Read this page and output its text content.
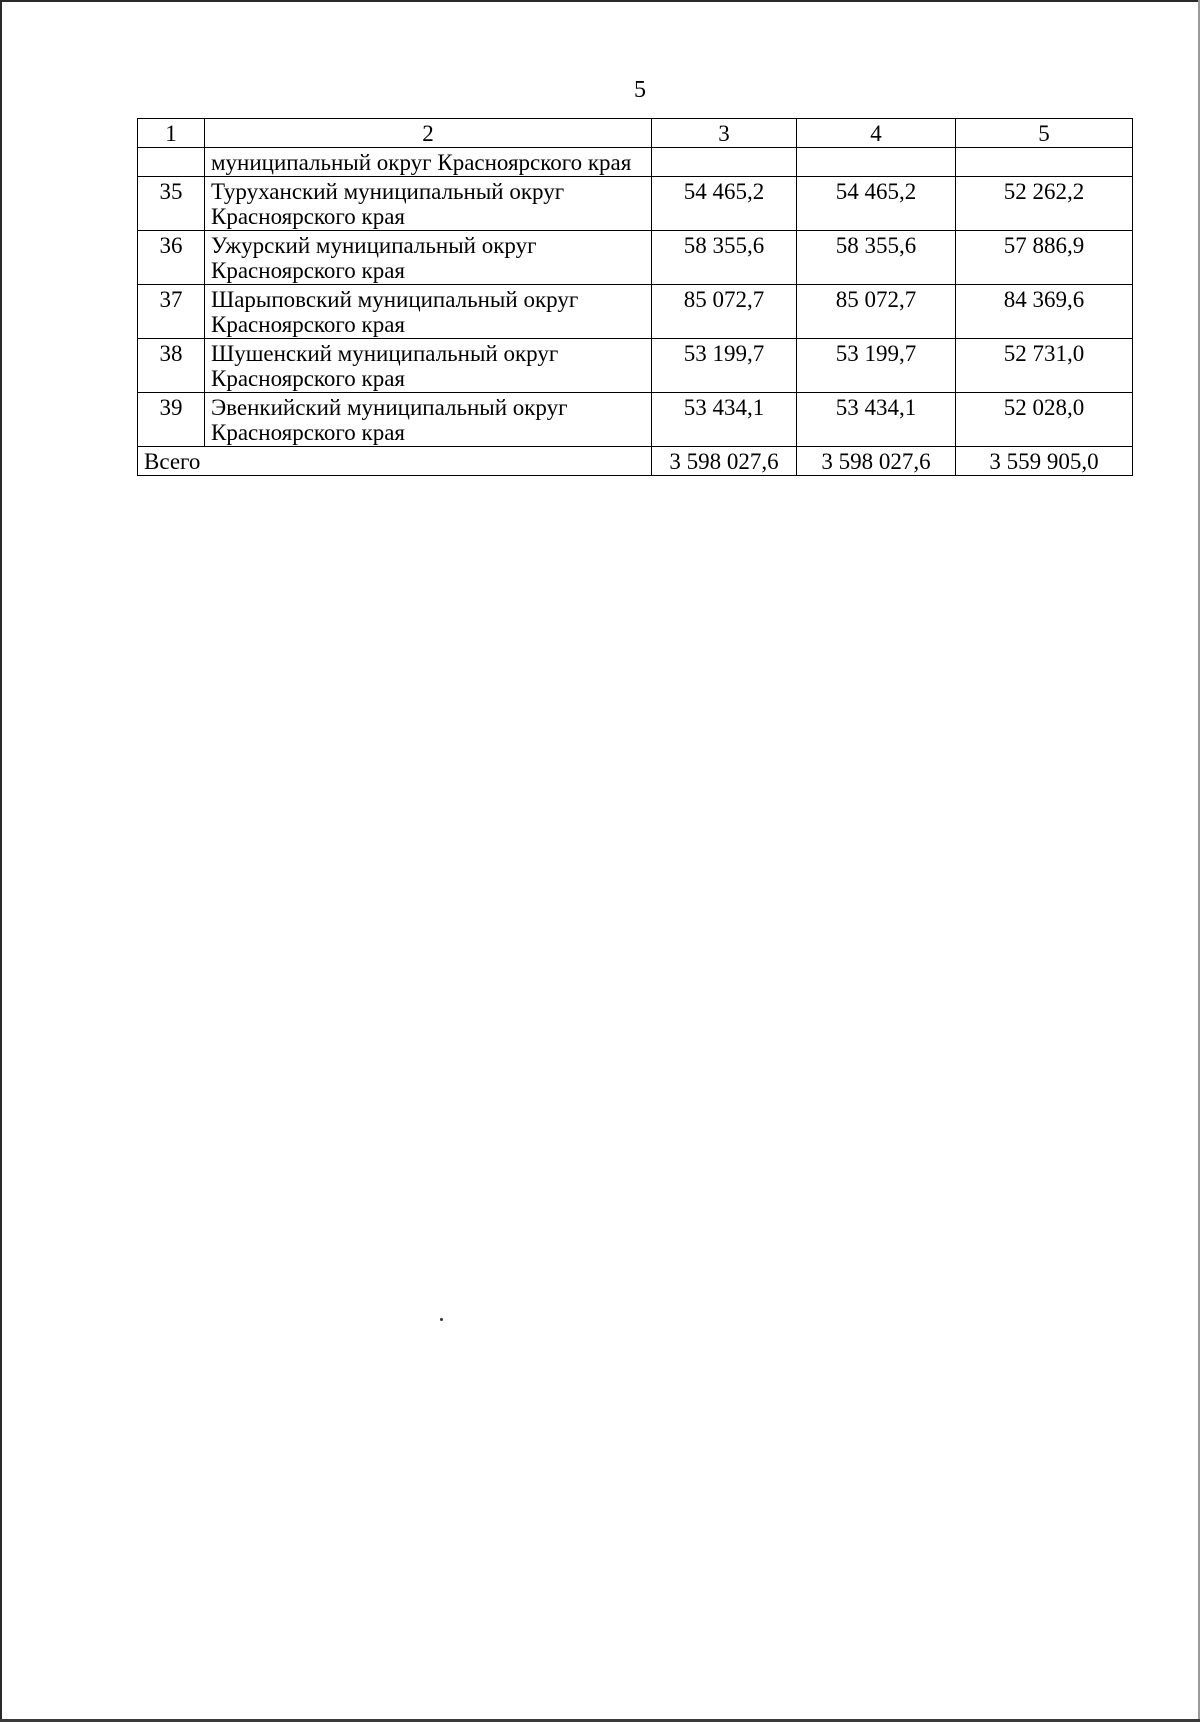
5
1	2	3	4	5
	муниципальный округ Красноярского края			
35	Туруханский муниципальный округ Красноярского края	54 465,2	54 465,2	52 262,2
36	Ужурский муниципальный округ Красноярского края	58 355,6	58 355,6	57 886,9
37	Шарыповский муниципальный округ Красноярского края	85 072,7	85 072,7	84 369,6
38	Шушенский муниципальный округ Красноярского края	53 199,7	53 199,7	52 731,0
39	Эвенкийский муниципальный округ Красноярского края	53 434,1	53 434,1	52 028,0
Всего		3 598 027,6	3 598 027,6	3 559 905,0
